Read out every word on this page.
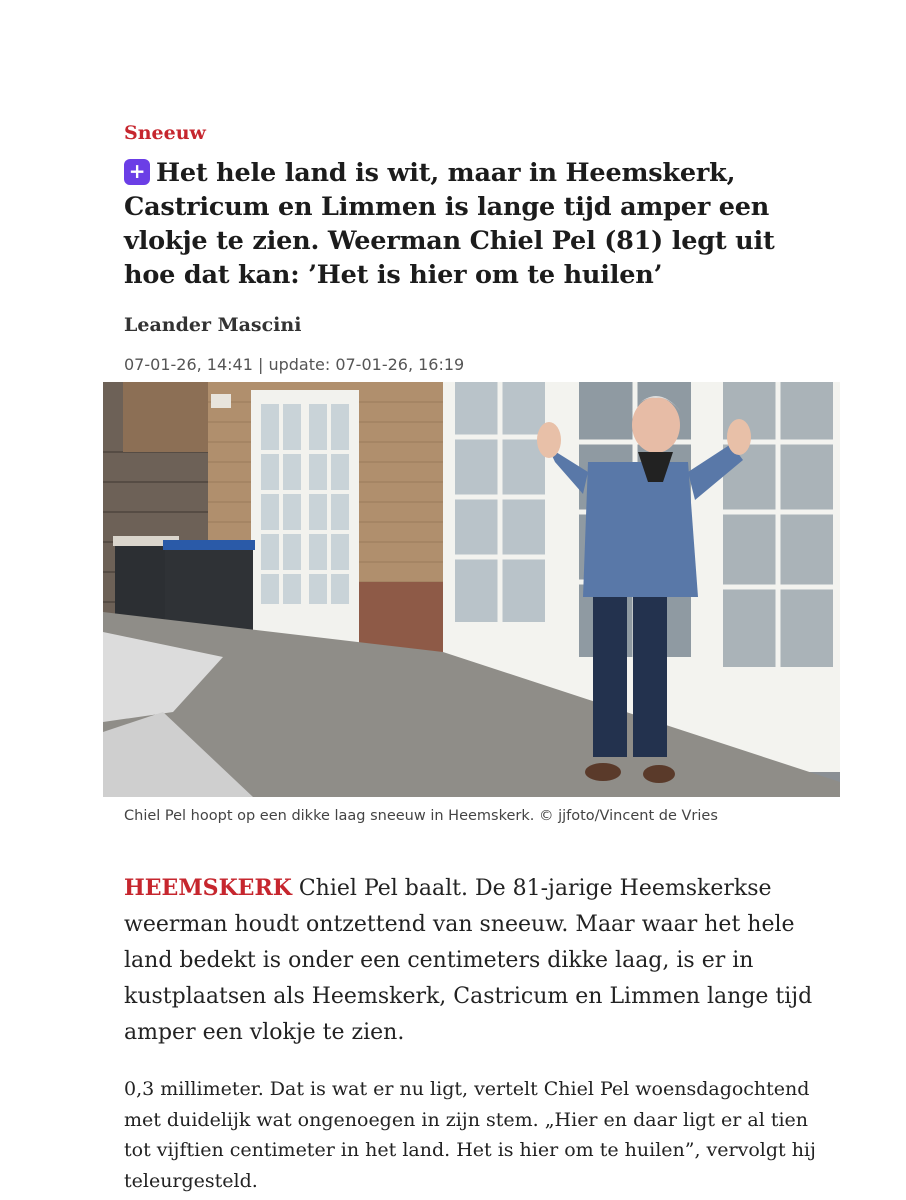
Sneeuw
+ Het hele land is wit, maar in Heemskerk, Castricum en Limmen is lange tijd amper een vlokje te zien. Weerman Chiel Pel (81) legt uit hoe dat kan: ’Het is hier om te huilen’
Leander Mascini
07-01-26, 14:41 | update: 07-01-26, 16:19
Chiel Pel hoopt op een dikke laag sneeuw in Heemskerk. © jjfoto/Vincent de Vries

HEEMSKERK Chiel Pel baalt. De 81-jarige Heemskerkse weerman houdt ontzettend van sneeuw. Maar waar het hele land bedekt is onder een centimeters dikke laag, is er in kustplaatsen als Heemskerk, Castricum en Limmen lange tijd amper een vlokje te zien.

0,3 millimeter. Dat is wat er nu ligt, vertelt Chiel Pel woensdagochtend met duidelijk wat ongenoegen in zijn stem. „Hier en daar ligt er al tien tot vijftien centimeter in het land. Het is hier om te huilen”, vervolgt hij teleurgesteld.
